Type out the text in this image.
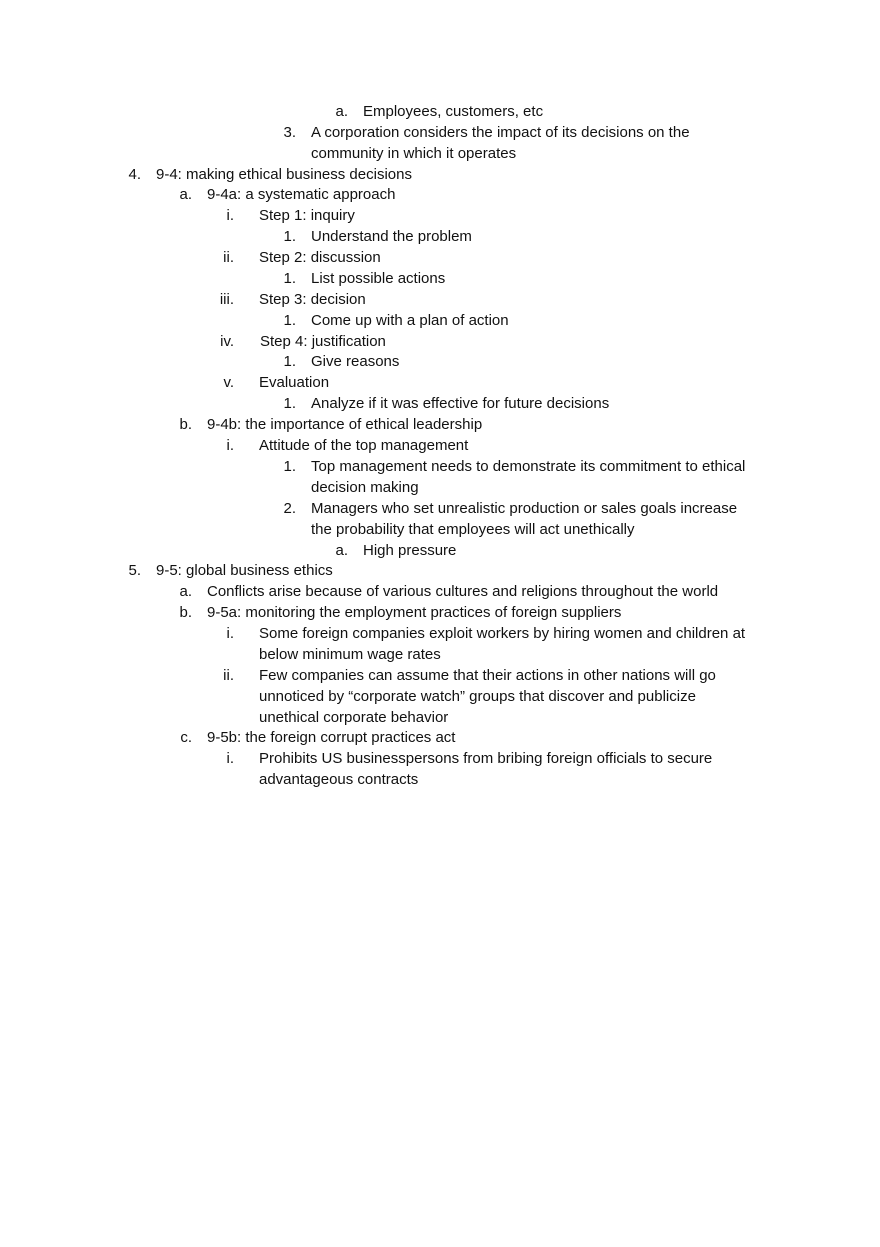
a. Employees, customers, etc
3. A corporation considers the impact of its decisions on the
community in which it operates
4. 9-4: making ethical business decisions
a. 9-4a: a systematic approach
i. Step 1: inquiry
1. Understand the problem
ii. Step 2: discussion
1. List possible actions
iii. Step 3: decision
1. Come up with a plan of action
iv. Step 4: justification
1. Give reasons
v. Evaluation
1. Analyze if it was effective for future decisions
b. 9-4b: the importance of ethical leadership
i. Attitude of the top management
1. Top management needs to demonstrate its commitment to ethical
decision making
2. Managers who set unrealistic production or sales goals increase
the probability that employees will act unethically
a. High pressure
5. 9-5: global business ethics
a. Conflicts arise because of various cultures and religions throughout the world
b. 9-5a: monitoring the employment practices of foreign suppliers
i. Some foreign companies exploit workers by hiring women and children at
below minimum wage rates
ii. Few companies can assume that their actions in other nations will go
unnoticed by “corporate watch” groups that discover and publicize
unethical corporate behavior
c. 9-5b: the foreign corrupt practices act
i. Prohibits US businesspersons from bribing foreign officials to secure
advantageous contracts
